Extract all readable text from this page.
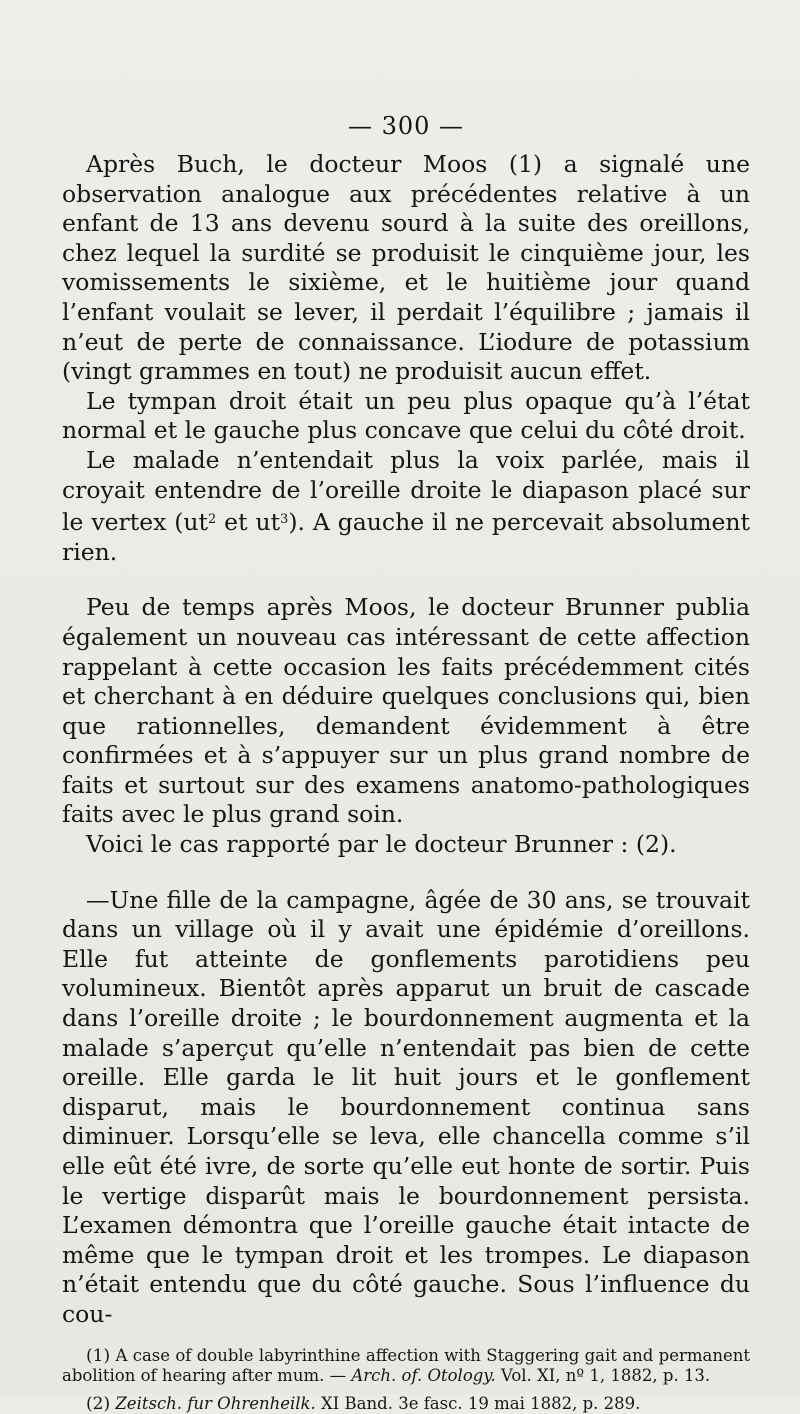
— 300 —

Après Buch, le docteur Moos (1) a signalé une observation analogue aux précédentes relative à un enfant de 13 ans devenu sourd à la suite des oreillons, chez lequel la surdité se produisit le cinquième jour, les vomissements le sixième, et le huitième jour quand l’enfant voulait se lever, il perdait l’équilibre ; jamais il n’eut de perte de connaissance. L’iodure de potassium (vingt grammes en tout) ne produisit aucun effet.

Le tympan droit était un peu plus opaque qu’à l’état normal et le gauche plus concave que celui du côté droit.

Le malade n’entendait plus la voix parlée, mais il croyait entendre de l’oreille droite le diapason placé sur le vertex ($ut^2$ et $ut^3$). A gauche il ne percevait absolument rien.

Peu de temps après Moos, le docteur Brunner publia également un nouveau cas intéressant de cette affection rappelant à cette occasion les faits précédemment cités et cherchant à en déduire quelques conclusions qui, bien que rationnelles, demandent évidemment à être confirmées et à s’appuyer sur un plus grand nombre de faits et surtout sur des examens anatomo-pathologiques faits avec le plus grand soin.

Voici le cas rapporté par le docteur Brunner : (2).

—Une fille de la campagne, âgée de 30 ans, se trouvait dans un village où il y avait une épidémie d’oreillons. Elle fut atteinte de gonflements parotidiens peu volumineux. Bientôt après apparut un bruit de cascade dans l’oreille droite ; le bourdonnement augmenta et la malade s’aperçut qu’elle n’entendait pas bien de cette oreille. Elle garda le lit huit jours et le gonflement disparut, mais le bourdonnement continua sans diminuer. Lorsqu’elle se leva, elle chancella comme s’il elle eût été ivre, de sorte qu’elle eut honte de sortir. Puis le vertige disparût mais le bourdonnement persista. L’examen démontra que l’oreille gauche était intacte de même que le tympan droit et les trompes. Le diapason n’était entendu que du côté gauche. Sous l’influence du cou-

(1) A case of double labyrinthine affection with Staggering gait and permanent abolition of hearing after mum. — Arch. of. Otology. Vol. XI, nº 1, 1882, p. 13.

(2) Zeitsch. fur Ohrenheilk. XI Band. 3e fasc. 19 mai 1882, p. 289.
